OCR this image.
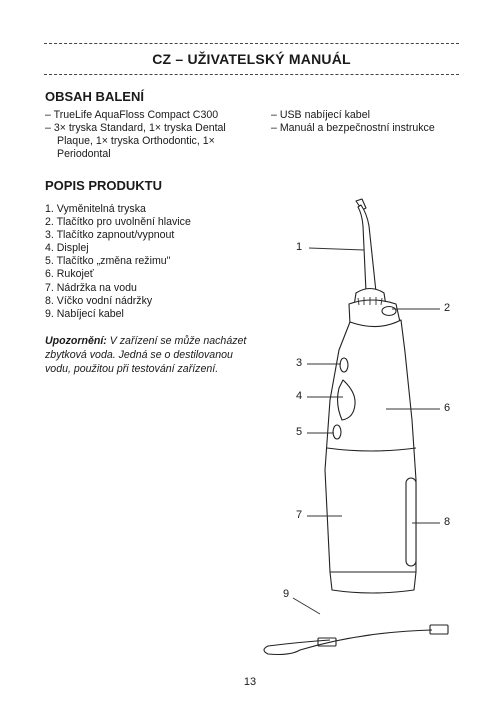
CZ – UŽIVATELSKÝ MANUÁL
OBSAH BALENÍ
– TrueLife AquaFloss Compact C300
– 3× tryska Standard, 1× tryska Dental Plaque, 1× tryska Orthodontic, 1× Periodontal
– USB nabíjecí kabel
– Manuál a bezpečnostní instrukce
POPIS PRODUKTU
1. Vyměnitelná tryska
2. Tlačítko pro uvolnění hlavice
3. Tlačítko zapnout/vypnout
4. Displej
5. Tlačítko „změna režimu"
6. Rukojeť
7. Nádržka na vodu
8. Víčko vodní nádržky
9. Nabíjecí kabel
Upozornění: V zařízení se může nacházet zbytková voda. Jedná se o destilovanou vodu, použitou při testování zařízení.
1
2
3
4
5
6
7
8
9
13
